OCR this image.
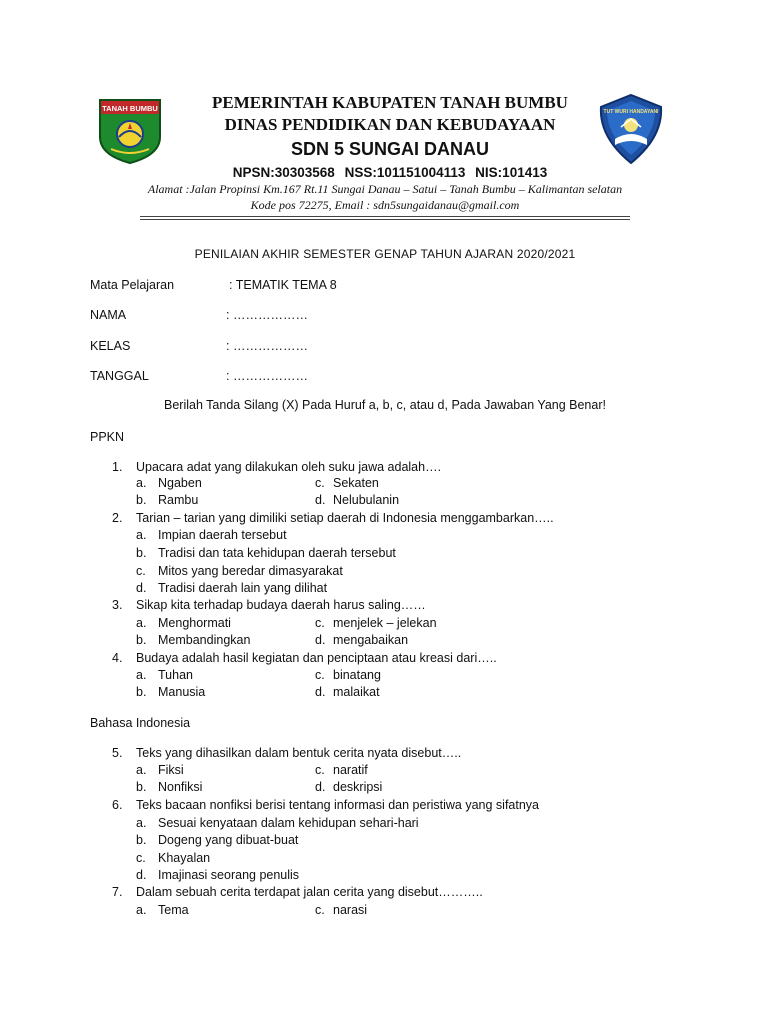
TANAH BUMBU	TUT WURI HANDAYANI
PEMERINTAH KABUPATEN TANAH BUMBU
DINAS PENDIDIKAN DAN KEBUDAYAAN
SDN 5 SUNGAI DANAU
NPSN:30303568 NSS:101151004113 NIS:101413
Alamat :Jalan Propinsi Km.167 Rt.11 Sungai Danau – Satui – Tanah Bumbu – Kalimantan selatan
Kode pos 72275, Email : sdn5sungaidanau@gmail.com
PENILAIAN AKHIR SEMESTER GENAP TAHUN AJARAN 2020/2021
Mata Pelajaran	: TEMATIK TEMA 8
NAMA	: ………………
KELAS	: ………………
TANGGAL	: ………………
Berilah Tanda Silang (X) Pada Huruf a, b, c, atau d, Pada Jawaban Yang Benar!
PPKN
1. Upacara adat yang dilakukan oleh suku jawa adalah….
a. Ngaben	c. Sekaten
b. Rambu	d. Nelubulanin
2. Tarian – tarian yang dimiliki setiap daerah di Indonesia menggambarkan…..
a. Impian daerah tersebut
b. Tradisi dan tata kehidupan daerah tersebut
c. Mitos yang beredar dimasyarakat
d. Tradisi daerah lain yang dilihat
3. Sikap kita terhadap budaya daerah harus saling……
a. Menghormati	c. menjelek – jelekan
b. Membandingkan	d. mengabaikan
4. Budaya adalah hasil kegiatan dan penciptaan atau kreasi dari…..
a. Tuhan	c. binatang
b. Manusia	d. malaikat
Bahasa Indonesia
5. Teks yang dihasilkan dalam bentuk cerita nyata disebut…..
a. Fiksi	c. naratif
b. Nonfiksi	d. deskripsi
6. Teks bacaan nonfiksi berisi tentang informasi dan peristiwa yang sifatnya
a. Sesuai kenyataan dalam kehidupan sehari-hari
b. Dogeng yang dibuat-buat
c. Khayalan
d. Imajinasi seorang penulis
7. Dalam sebuah cerita terdapat jalan cerita yang disebut………..
a. Tema	c. narasi
